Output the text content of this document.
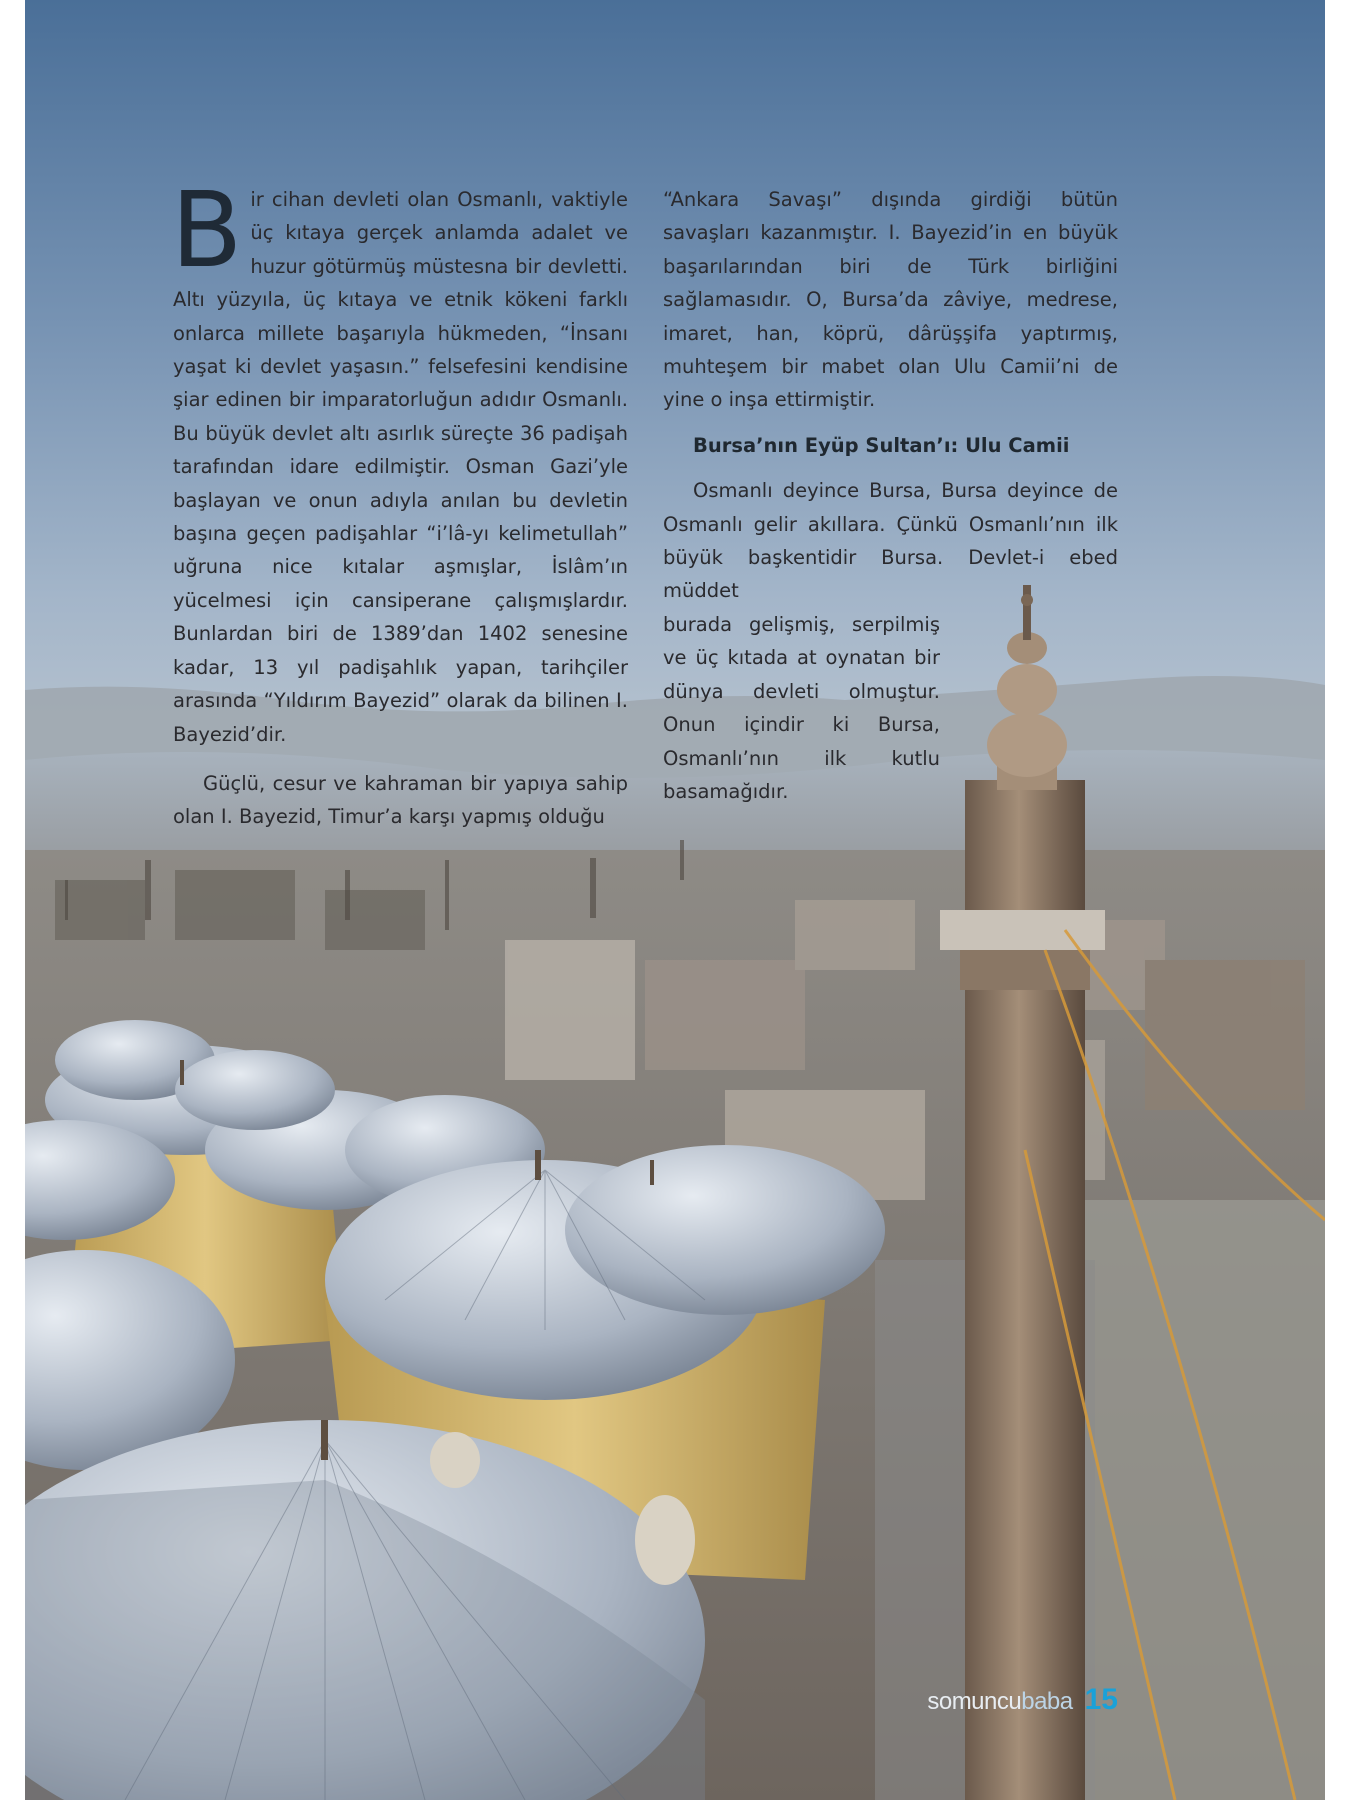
Bir cihan devleti olan Osmanlı, vaktiyle üç kıtaya gerçek anlamda adalet ve huzur götürmüş müstesna bir devletti. Altı yüzyıla, üç kıtaya ve etnik kökeni farklı onlarca millete başarıyla hükmeden, “İnsanı yaşat ki devlet yaşasın.” felsefesini kendisine şiar edinen bir imparatorluğun adıdır Osmanlı. Bu büyük devlet altı asırlık süreçte 36 padişah tarafından idare edilmiştir. Osman Gazi’yle başlayan ve onun adıyla anılan bu devletin başına geçen padişahlar “i’lâ-yı kelimetullah” uğruna nice kıtalar aşmışlar, İslâm’ın yücelmesi için cansiperane çalışmışlardır. Bunlardan biri de 1389’dan 1402 senesine kadar, 13 yıl padişahlık yapan, tarihçiler arasında “Yıldırım Bayezid” olarak da bilinen I. Bayezid’dir.

Güçlü, cesur ve kahraman bir yapıya sahip olan I. Bayezid, Timur’a karşı yapmış olduğu

“Ankara Savaşı” dışında girdiği bütün savaşları kazanmıştır. I. Bayezid’in en büyük başarılarından biri de Türk birliğini sağlamasıdır. O, Bursa’da zâviye, medrese, imaret, han, köprü, dârüşşifa yaptırmış, muhteşem bir mabet olan Ulu Camii’ni de yine o inşa ettirmiştir.

Bursa’nın Eyüp Sultan’ı: Ulu Camii

Osmanlı deyince Bursa, Bursa deyince de Osmanlı gelir akıllara. Çünkü Osmanlı’nın ilk büyük başkentidir Bursa. Devlet-i ebed müddet

burada gelişmiş, serpilmiş ve üç kıtada at oynatan bir dünya devleti olmuştur. Onun içindir ki Bursa, Osmanlı’nın ilk kutlu basamağıdır.

somuncubaba 15
